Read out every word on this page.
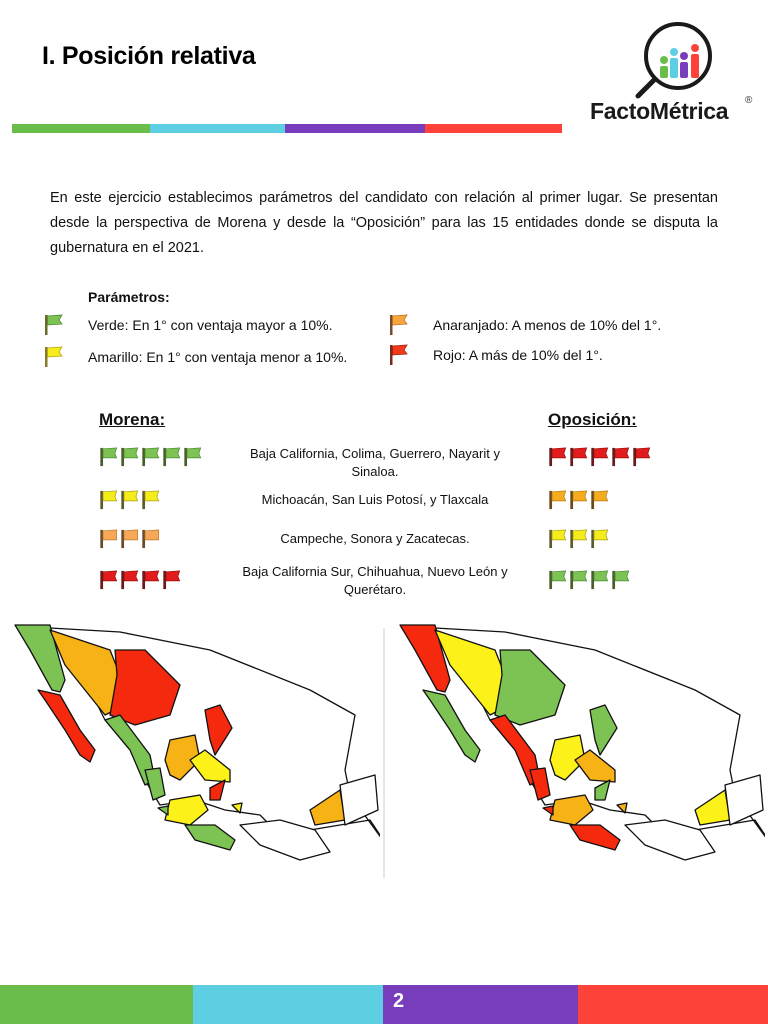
I. Posición relativa
FactoMétrica ®

En este ejercicio establecimos parámetros del candidato con relación al primer lugar. Se presentan desde la perspectiva de Morena y desde la “Oposición” para las 15 entidades donde se disputa la gubernatura en el 2021.

Parámetros:
Verde: En 1° con ventaja mayor a 10%.
Amarillo: En 1° con ventaja menor a 10%.
Anaranjado: A menos de 10% del 1°.
Rojo: A más de 10% del 1°.
Morena:	Oposición:
Baja California, Colima, Guerrero, Nayarit y Sinaloa.
Michoacán, San Luis Potosí, y Tlaxcala
Campeche, Sonora y Zacatecas.
Baja California Sur, Chihuahua, Nuevo León y Querétaro.
2
